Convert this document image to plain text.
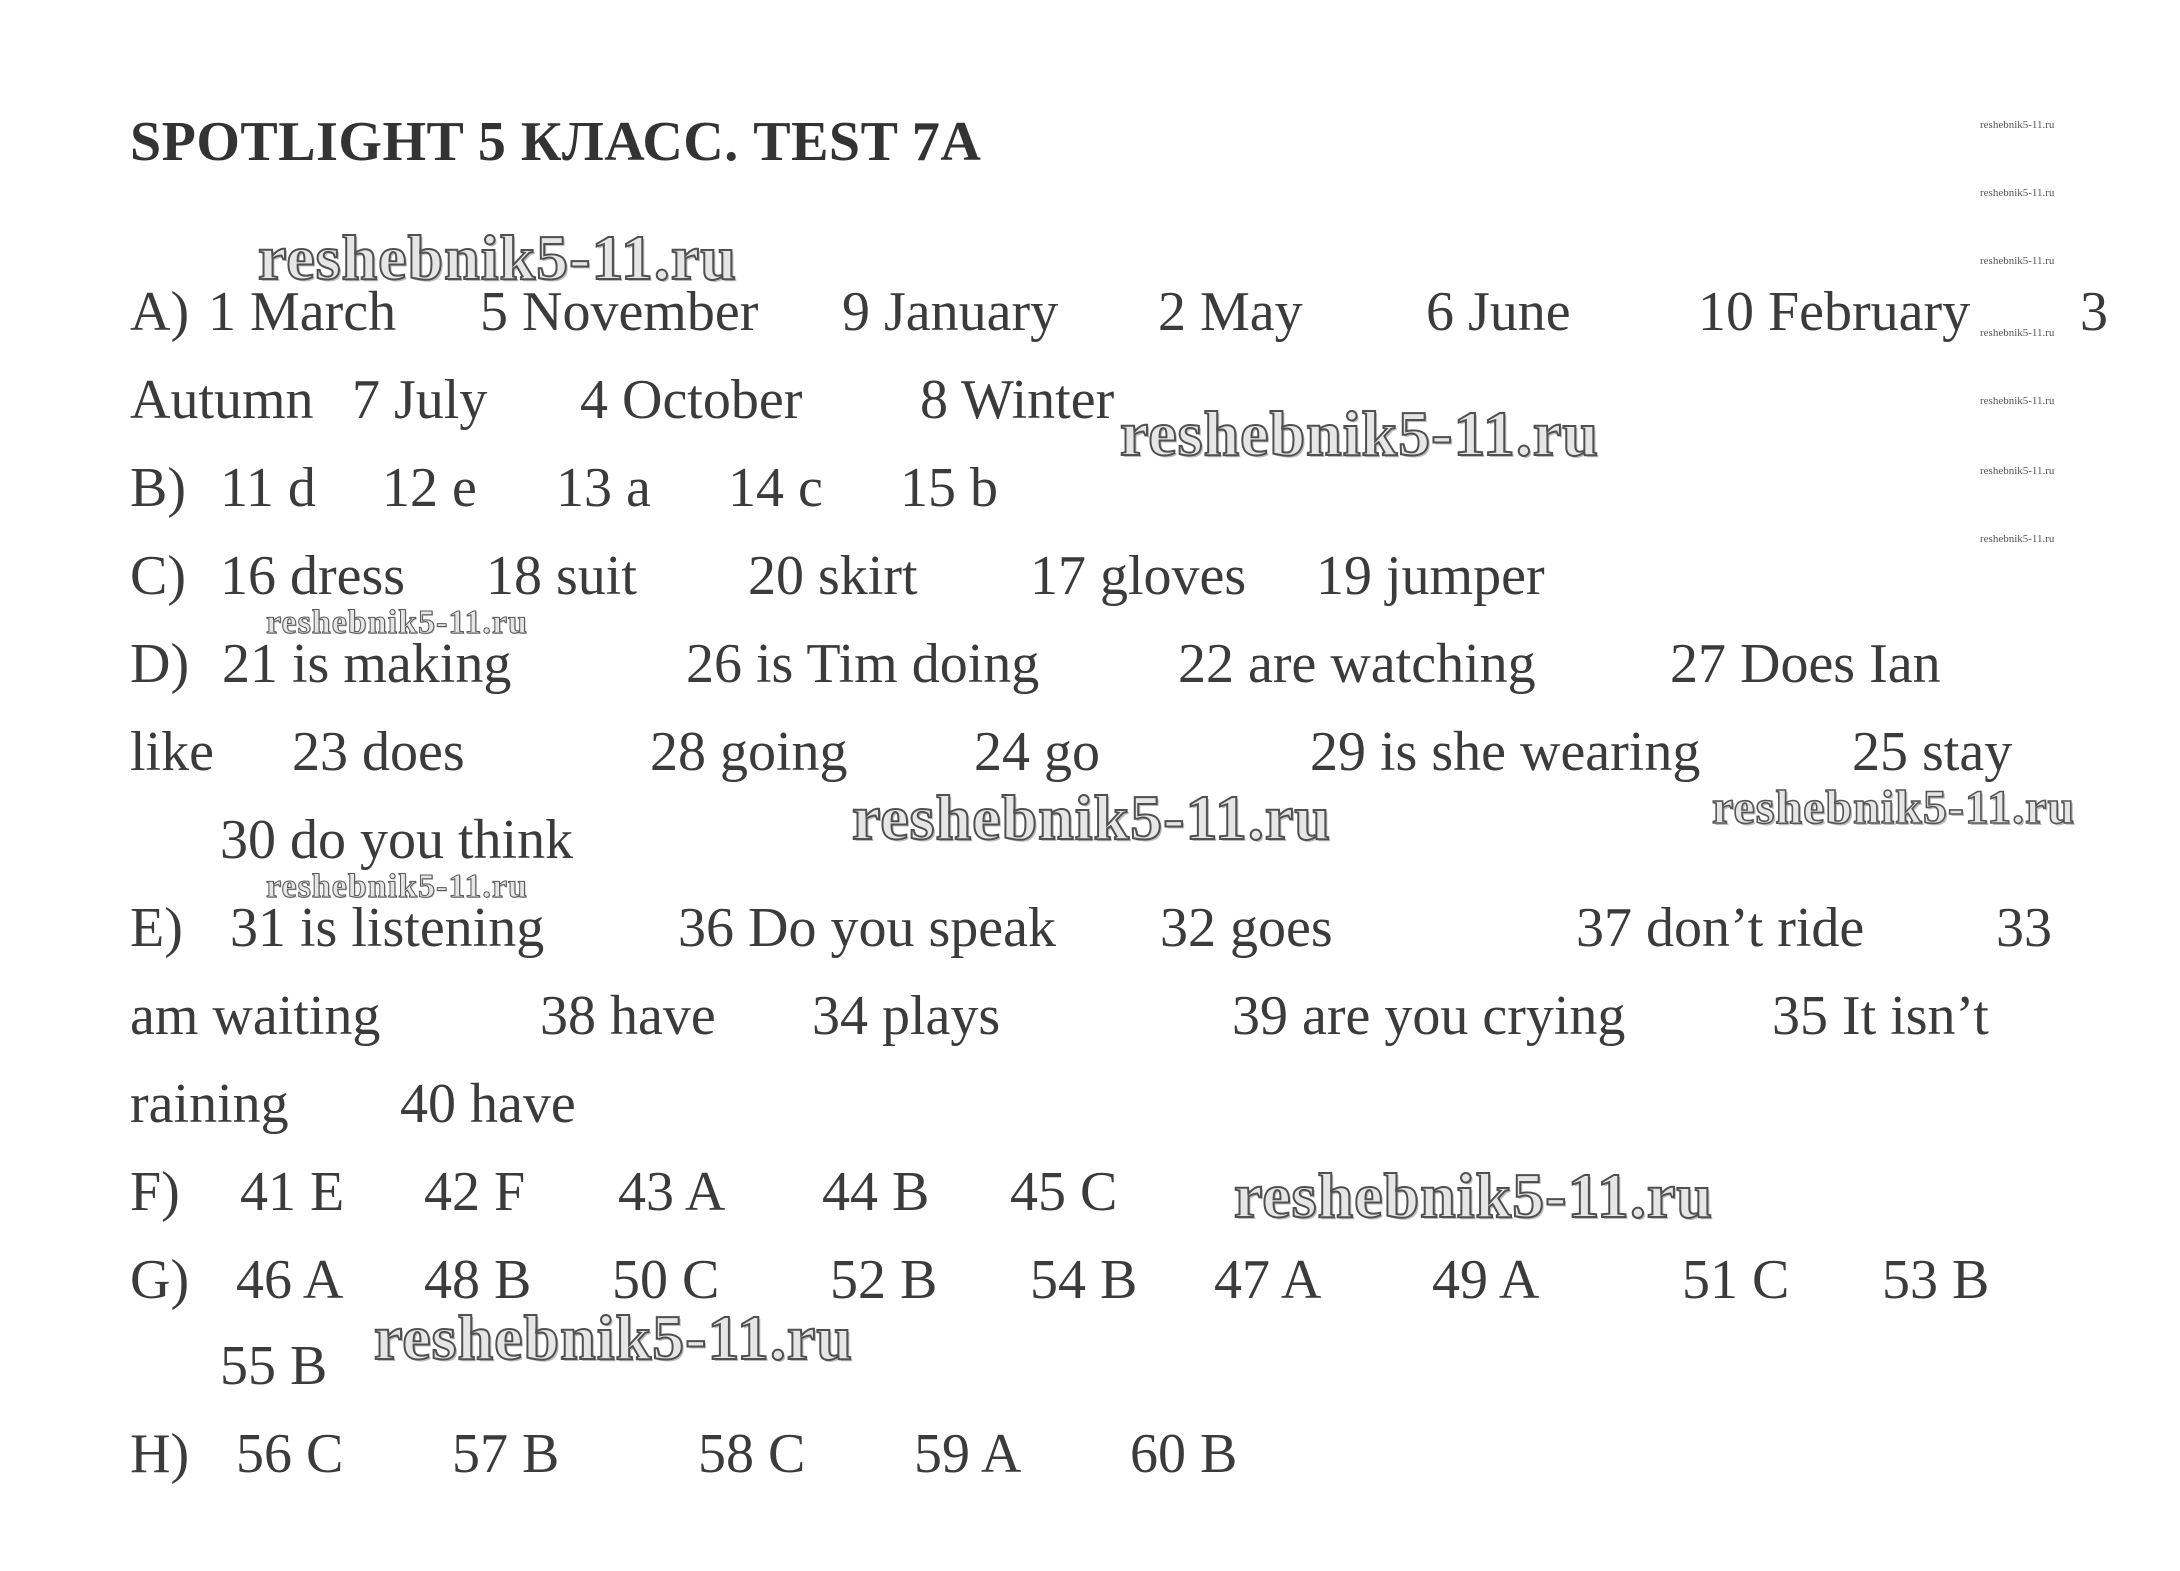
SPOTLIGHT 5 КЛАСС. TEST 7A
A) 1 March 5 November 9 January 2 May 6 June 10 February 3
Autumn 7 July 4 October 8 Winter
B) 11 d 12 e 13 a 14 c 15 b
C) 16 dress 18 suit 20 skirt 17 gloves 19 jumper
D) 21 is making	26 is Tim doing 22 are watching 27 Does Ian
like 23 does	28 going 24 go	29 is she wearing	25 stay
30 do you think
E) 31 is listening 36 Do you speak 32 goes	37 don’t ride 33
am waiting	38 have 34 plays	39 are you crying	35 It isn’t
raining 40 have
F) 41 E 42 F 43 A 44 B 45 C
G) 46 A 48 B 50 C 52 B 54 B 47 A 49 A	51 C 53 B
55 B
H) 56 C 57 B 58 C 59 A 60 B
reshebnik5-11.ru
reshebnik5-11.ru
reshebnik5-11.ru
reshebnik5-11.ru	reshebnik5-11.ru
reshebnik5-11.ru
reshebnik5-11.ru
reshebnik5-11.ru
reshebnik5-11.ru
reshebnik5-11.ru
reshebnik5-11.ru
reshebnik5-11.ru
reshebnik5-11.ru
reshebnik5-11.ru
reshebnik5-11.ru
